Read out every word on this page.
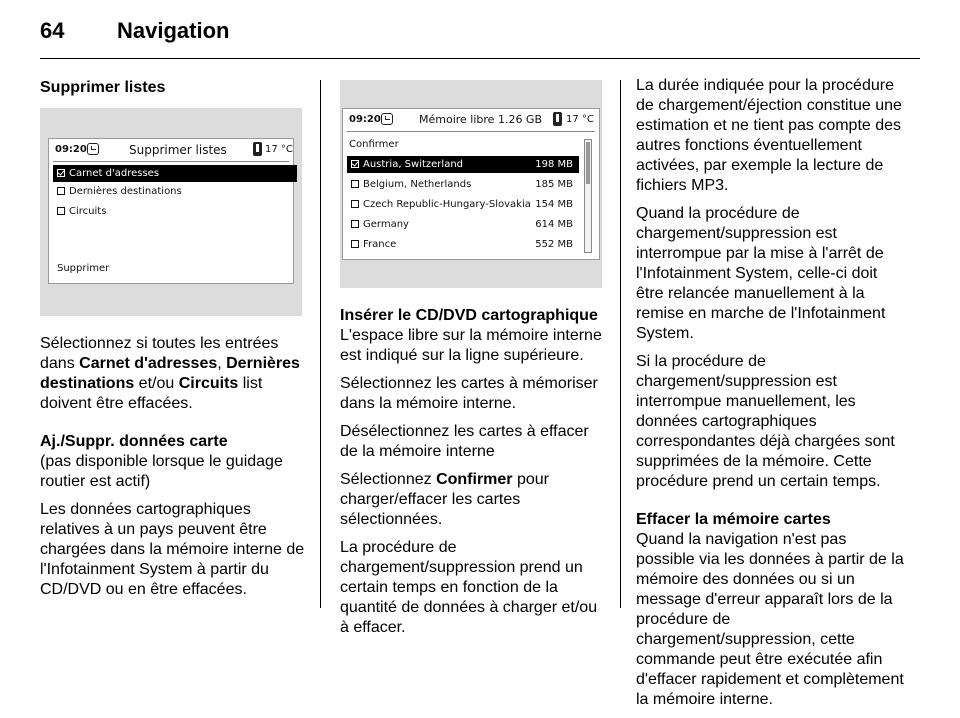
64 Navigation
Supprimer listes
09:20	Supprimer listes	17 °C
Carnet d'adresses
Dernières destinations
Circuits
Supprimer

Sélectionnez si toutes les entrées dans Carnet d'adresses, Dernières destinations et/ou Circuits list doivent être effacées.

Aj./Suppr. données carte

(pas disponible lorsque le guidage routier est actif)

Les données cartographiques relatives à un pays peuvent être chargées dans la mémoire interne de l'Infotainment System à partir du CD/DVD ou en être effacées.

09:20	Mémoire libre 1.26 GB 17 °C
Confirmer
Austria, Switzerland	198 MB
Belgium, Netherlands	185 MB
Czech Republic-Hungary-Slovakia 154 MB
Germany	614 MB
France	552 MB
Insérer le CD/DVD cartographique

L'espace libre sur la mémoire interne est indiqué sur la ligne supérieure.

Sélectionnez les cartes à mémoriser dans la mémoire interne.

Désélectionnez les cartes à effacer de la mémoire interne

Sélectionnez Confirmer pour charger/effacer les cartes sélectionnées.

La procédure de chargement/suppression prend un certain temps en fonction de la quantité de données à charger et/ou à effacer.

La durée indiquée pour la procédure de chargement/éjection constitue une estimation et ne tient pas compte des autres fonctions éventuellement activées, par exemple la lecture de fichiers MP3.

Quand la procédure de chargement/suppression est interrompue par la mise à l'arrêt de l'Infotainment System, celle-ci doit être relancée manuellement à la remise en marche de l'Infotainment System.

Si la procédure de chargement/suppression est interrompue manuellement, les données cartographiques correspondantes déjà chargées sont supprimées de la mémoire. Cette procédure prend un certain temps.

Effacer la mémoire cartes

Quand la navigation n'est pas possible via les données à partir de la mémoire des données ou si un message d'erreur apparaît lors de la procédure de chargement/suppression, cette commande peut être exécutée afin d'effacer rapidement et complètement la mémoire interne.
